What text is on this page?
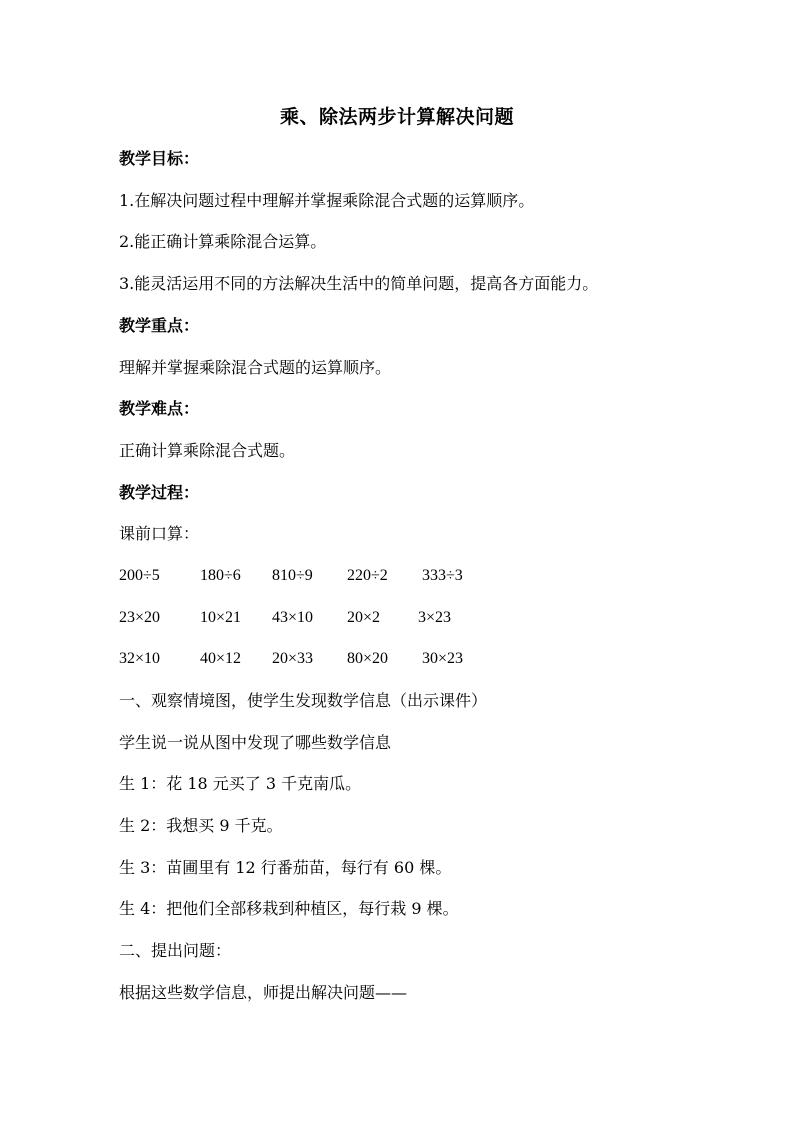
乘、除法两步计算解决问题
教学目标：
1.在解决问题过程中理解并掌握乘除混合式题的运算顺序。
2.能正确计算乘除混合运算。
3.能灵活运用不同的方法解决生活中的简单问题，提高各方面能力。
教学重点：
理解并掌握乘除混合式题的运算顺序。
教学难点：
正确计算乘除混合式题。
教学过程：
课前口算：
200÷5	180÷6 810÷9 220÷2 333÷3
23×20 10×21 43×10 20×2 3×23
32×10 40×12 20×33 80×20 30×23
一、观察情境图，使学生发现数学信息（出示课件）
学生说一说从图中发现了哪些数学信息
生 1：花 18 元买了 3 千克南瓜。
生 2：我想买 9 千克。
生 3：苗圃里有 12 行番茄苗，每行有 60 棵。
生 4：把他们全部移栽到种植区，每行栽 9 棵。
二、提出问题：
根据这些数学信息，师提出解决问题——
